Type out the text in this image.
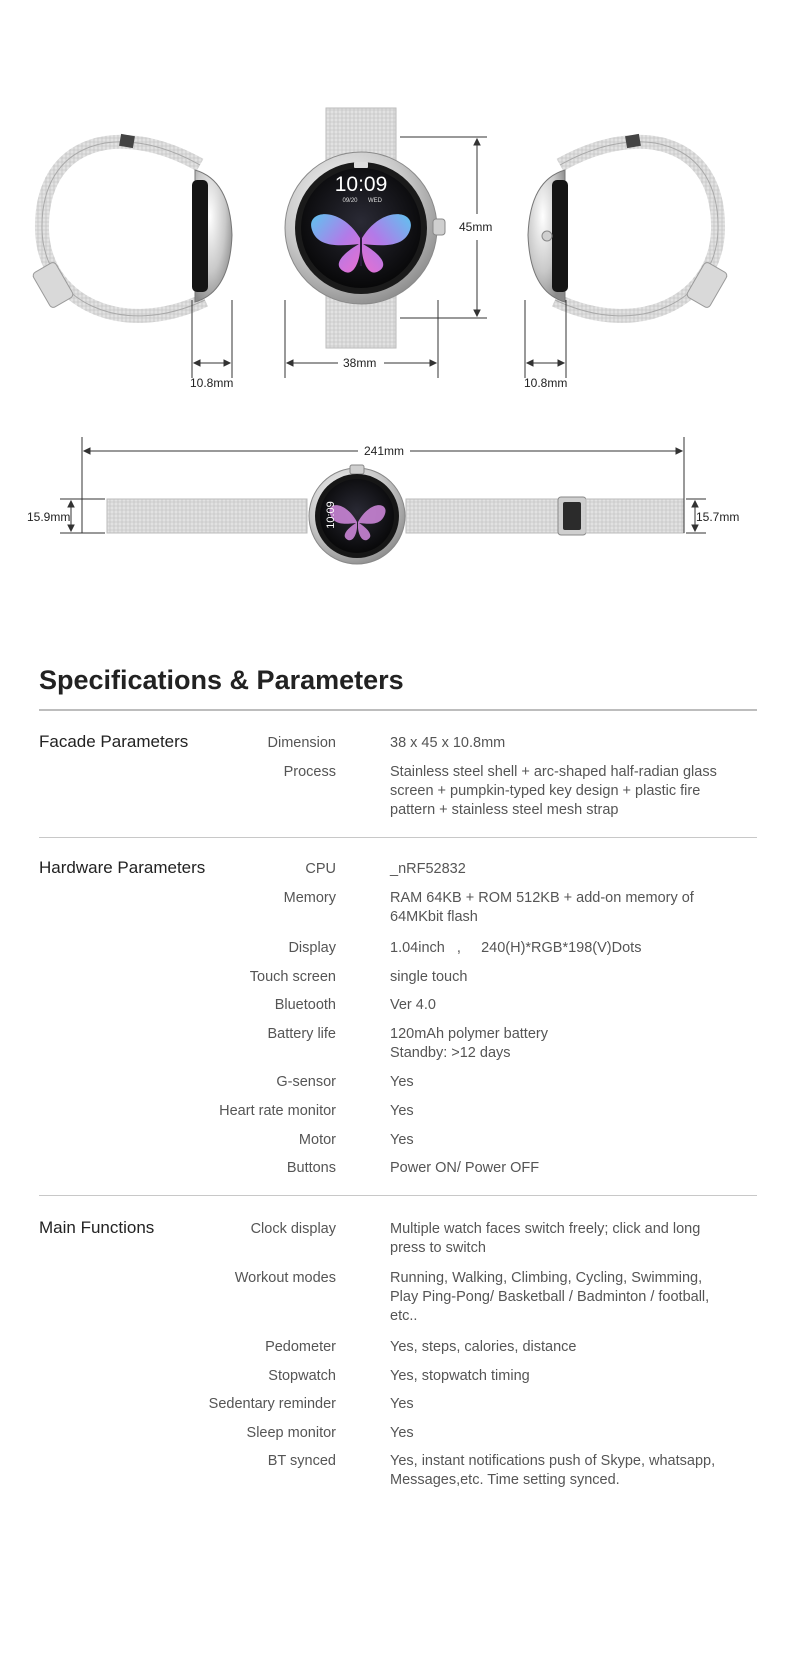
10:09
09/20 WED
10:09
10.8mm
38mm
45mm
10.8mm
241mm
15.9mm	15.7mm
Specifications & Parameters
Facade Parameters	Dimension	38 x 45 x 10.8mm
Process	Stainless steel shell + arc-shaped half-radian glass
screen + pumpkin-typed key design + plastic fire
pattern + stainless steel mesh strap
Hardware Parameters	CPU	_nRF52832
Memory	RAM 64KB + ROM 512KB + add-on memory of
64MKbit flash
Display	1.04inch   ,     240(H)*RGB*198(V)Dots
Touch screen	single touch
Bluetooth	Ver 4.0
Battery life	120mAh polymer battery
Standby: >12 days
G-sensor	Yes
Heart rate monitor	Yes
Motor	Yes
Buttons	Power ON/ Power OFF
Main Functions	Clock display	Multiple watch faces switch freely; click and long
press to switch
Workout modes	Running, Walking, Climbing, Cycling, Swimming,
Play Ping-Pong/ Basketball / Badminton / football,
etc..
Pedometer	Yes, steps, calories, distance
Stopwatch	Yes, stopwatch timing
Sedentary reminder	Yes
Sleep monitor	Yes
BT synced	Yes, instant notifications push of Skype, whatsapp,
Messages,etc. Time setting synced.
